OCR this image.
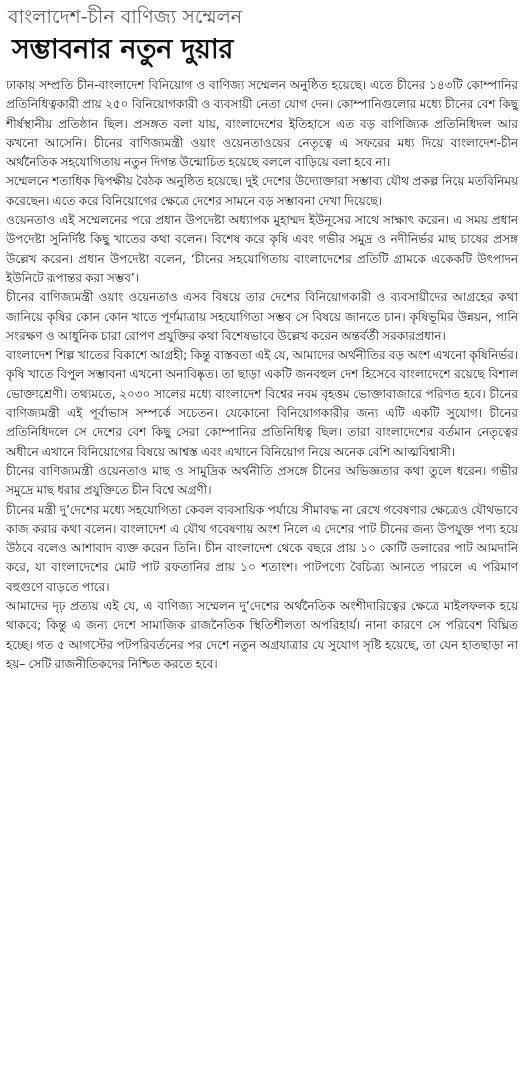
বাংলাদেশ-চীন বাণিজ্য সম্মেলন
সম্ভাবনার নতুন দুয়ার

ঢাকায় সম্প্রতি চীন-বাংলাদেশ বিনিয়োগ ও বাণিজ্য সম্মেলন অনুষ্ঠিত হয়েছে। এতে চীনের ১৪৩টি কোম্পানির প্রতিনিধিত্বকারী প্রায় ২৫০ বিনিয়োগকারী ও ব্যবসায়ী নেতা যোগ দেন। কোম্পানিগুলোর মধ্যে চীনের বেশ কিছু শীর্ষস্থানীয় প্রতিষ্ঠান ছিল। প্রসঙ্গত বলা যায়, বাংলাদেশের ইতিহাসে এত বড় বাণিজ্যিক প্রতিনিধিদল আর কখনো আসেনি। চীনের বাণিজ্যমন্ত্রী ওয়াং ওয়েনতাওয়ের নেতৃত্বে এ সফরের মধ্য দিয়ে বাংলাদেশ-চীন অর্থনৈতিক সহযোগিতায় নতুন দিগন্ত উন্মোচিত হয়েছে বললে বাড়িয়ে বলা হবে না।

সম্মেলনে শতাধিক দ্বিপক্ষীয় বৈঠক অনুষ্ঠিত হয়েছে। দুই দেশের উদ্যোক্তারা সম্ভাব্য যৌথ প্রকল্প নিয়ে মতবিনিময় করেছেন। এতে করে বিনিয়োগের ক্ষেত্রে দেশের সামনে বড় সম্ভাবনা দেখা দিয়েছে।

ওয়েনতাও এই সম্মেলনের পরে প্রধান উপদেষ্টা অধ্যাপক মুহাম্মদ ইউনূসের সাথে সাক্ষাৎ করেন। এ সময় প্রধান উপদেষ্টা সুনির্দিষ্ট কিছু খাতের কথা বলেন। বিশেষ করে কৃষি এবং গভীর সমুদ্র ও নদীনির্ভর মাছ চাষের প্রসঙ্গ উল্লেখ করেন। প্রধান উপদেষ্টা বলেন, ‘চীনের সহযোগিতায় বাংলাদেশের প্রতিটি গ্রামকে একেকটি উৎপাদন ইউনিটে রূপান্তর করা সম্ভব’।

চীনের বাণিজ্যমন্ত্রী ওয়াং ওয়েনতাও এসব বিষয়ে তার দেশের বিনিয়োগকারী ও ব্যবসায়ীদের আগ্রহের কথা জানিয়ে কৃষির কোন কোন খাতে পূর্ণমাত্রায় সহযোগিতা সম্ভব সে বিষয়ে জানতে চান। কৃষিভূমির উন্নয়ন, পানি সংরক্ষণ ও আধুনিক চারা রোপণ প্রযুক্তির কথা বিশেষভাবে উল্লেখ করেন অন্তর্বর্তী সরকারপ্রধান।

বাংলাদেশ শিল্প খাতের বিকাশে আগ্রহী; কিন্তু বাস্তবতা এই যে, আমাদের অর্থনীতির বড় অংশ এখনো কৃষিনির্ভর। কৃষি খাতে বিপুল সম্ভাবনা এখনো অনাবিষ্কৃত। তা ছাড়া একটি জনবহুল দেশ হিসেবে বাংলাদেশে রয়েছে বিশাল ভোক্তাশ্রেণী। তথ্যমতে, ২০৩০ সালের মধ্যে বাংলাদেশ বিশ্বের নবম বৃহত্তম ভোক্তাবাজারে পরিণত হবে। চীনের বাণিজ্যমন্ত্রী এই পূর্বাভাস সম্পর্কে সচেতন। যেকোনো বিনিয়োগকারীর জন্য এটি একটি সুযোগ। চীনের প্রতিনিধিদলে সে দেশের বেশ কিছু সেরা কোম্পানির প্রতিনিধিত্ব ছিল। তারা বাংলাদেশের বর্তমান নেতৃত্বের অধীনে এখানে বিনিয়োগের বিষয়ে আশ্বস্ত এবং এখানে বিনিয়োগ নিয়ে অনেক বেশি আত্মবিশ্বাসী।

চীনের বাণিজ্যমন্ত্রী ওয়েনতাও মাছ ও সামুদ্রিক অর্থনীতি প্রসঙ্গে চীনের অভিজ্ঞতার কথা তুলে ধরেন। গভীর সমুদ্রে মাছ ধরার প্রযুক্তিতে চীন বিশ্বে অগ্রণী।

চীনের মন্ত্রী দু’দেশের মধ্যে সহযোগিতা কেবল ব্যবসায়িক পর্যায়ে সীমাবদ্ধ না রেখে গবেষণার ক্ষেত্রেও যৌথভাবে কাজ করার কথা বলেন। বাংলাদেশ এ যৌথ গবেষণায় অংশ নিলে এ দেশের পাট চীনের জন্য উপযুক্ত পণ্য হয়ে উঠবে বলেও আশাবাদ ব্যক্ত করেন তিনি। চীন বাংলাদেশ থেকে বছরে প্রায় ১০ কোটি ডলারের পাট আমদানি করে, যা বাংলাদেশের মোট পাট রফতানির প্রায় ১০ শতাংশ। পাটপণ্যে বৈচিত্র্য আনতে পারলে এ পরিমাণ বহুগুণে বাড়তে পারে।

আমাদের দৃঢ় প্রত্যয় এই যে, এ বাণিজ্য সম্মেলন দু’দেশের অর্থনৈতিক অংশীদারিত্বের ক্ষেত্রে মাইলফলক হয়ে থাকবে; কিন্তু এ জন্য দেশে সামাজিক রাজনৈতিক স্থিতিশীলতা অপরিহার্য। নানা কারণে সে পরিবেশ বিঘ্নিত হচ্ছে। গত ৫ আগস্টের পটপরিবর্তনের পর দেশে নতুন অগ্রযাত্রার যে সুযোগ সৃষ্টি হয়েছে, তা যেন হাতছাড়া না হয়– সেটি রাজনীতিকদের নিশ্চিত করতে হবে।
